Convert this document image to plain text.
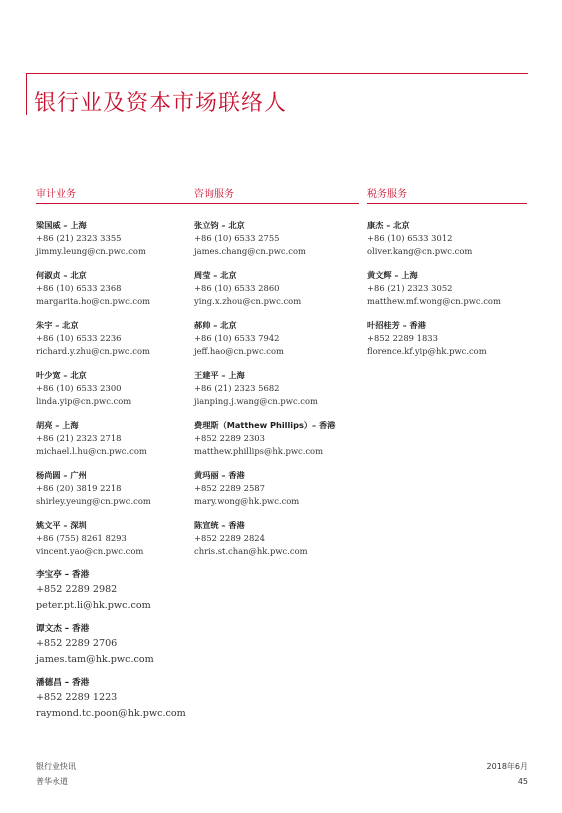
银行业及资本市场联络人
审计业务
梁国威 – 上海
+86 (21) 2323 3355
jimmy.leung@cn.pwc.com
何淑贞 – 北京
+86 (10) 6533 2368
margarita.ho@cn.pwc.com
朱宇 – 北京
+86 (10) 6533 2236
richard.y.zhu@cn.pwc.com
叶少宽 – 北京
+86 (10) 6533 2300
linda.yip@cn.pwc.com
胡亮 – 上海
+86 (21) 2323 2718
michael.l.hu@cn.pwc.com
杨尚圆 – 广州
+86 (20) 3819 2218
shirley.yeung@cn.pwc.com
姚文平 – 深圳
+86 (755) 8261 8293
vincent.yao@cn.pwc.com
李宝亭 – 香港
+852 2289 2982
peter.pt.li@hk.pwc.com
谭文杰 – 香港
+852 2289 2706
james.tam@hk.pwc.com
潘德昌 – 香港
+852 2289 1223
raymond.tc.poon@hk.pwc.com
咨询服务
张立钧 – 北京
+86 (10) 6533 2755
james.chang@cn.pwc.com
周莹 – 北京
+86 (10) 6533 2860
ying.x.zhou@cn.pwc.com
郝帅 – 北京
+86 (10) 6533 7942
jeff.hao@cn.pwc.com
王建平 – 上海
+86 (21) 2323 5682
jianping.j.wang@cn.pwc.com
费理斯（Matthew Phillips）– 香港
+852 2289 2303
matthew.phillips@hk.pwc.com
黄玛丽 – 香港
+852 2289 2587
mary.wong@hk.pwc.com
陈宣统 – 香港
+852 2289 2824
chris.st.chan@hk.pwc.com
税务服务
康杰 – 北京
+86 (10) 6533 3012
oliver.kang@cn.pwc.com
黄文辉 – 上海
+86 (21) 2323 3052
matthew.mf.wong@cn.pwc.com
叶招桂芳 – 香港
+852 2289 1833
florence.kf.yip@hk.pwc.com
银行业快讯
普华永道
2018年6月
45
